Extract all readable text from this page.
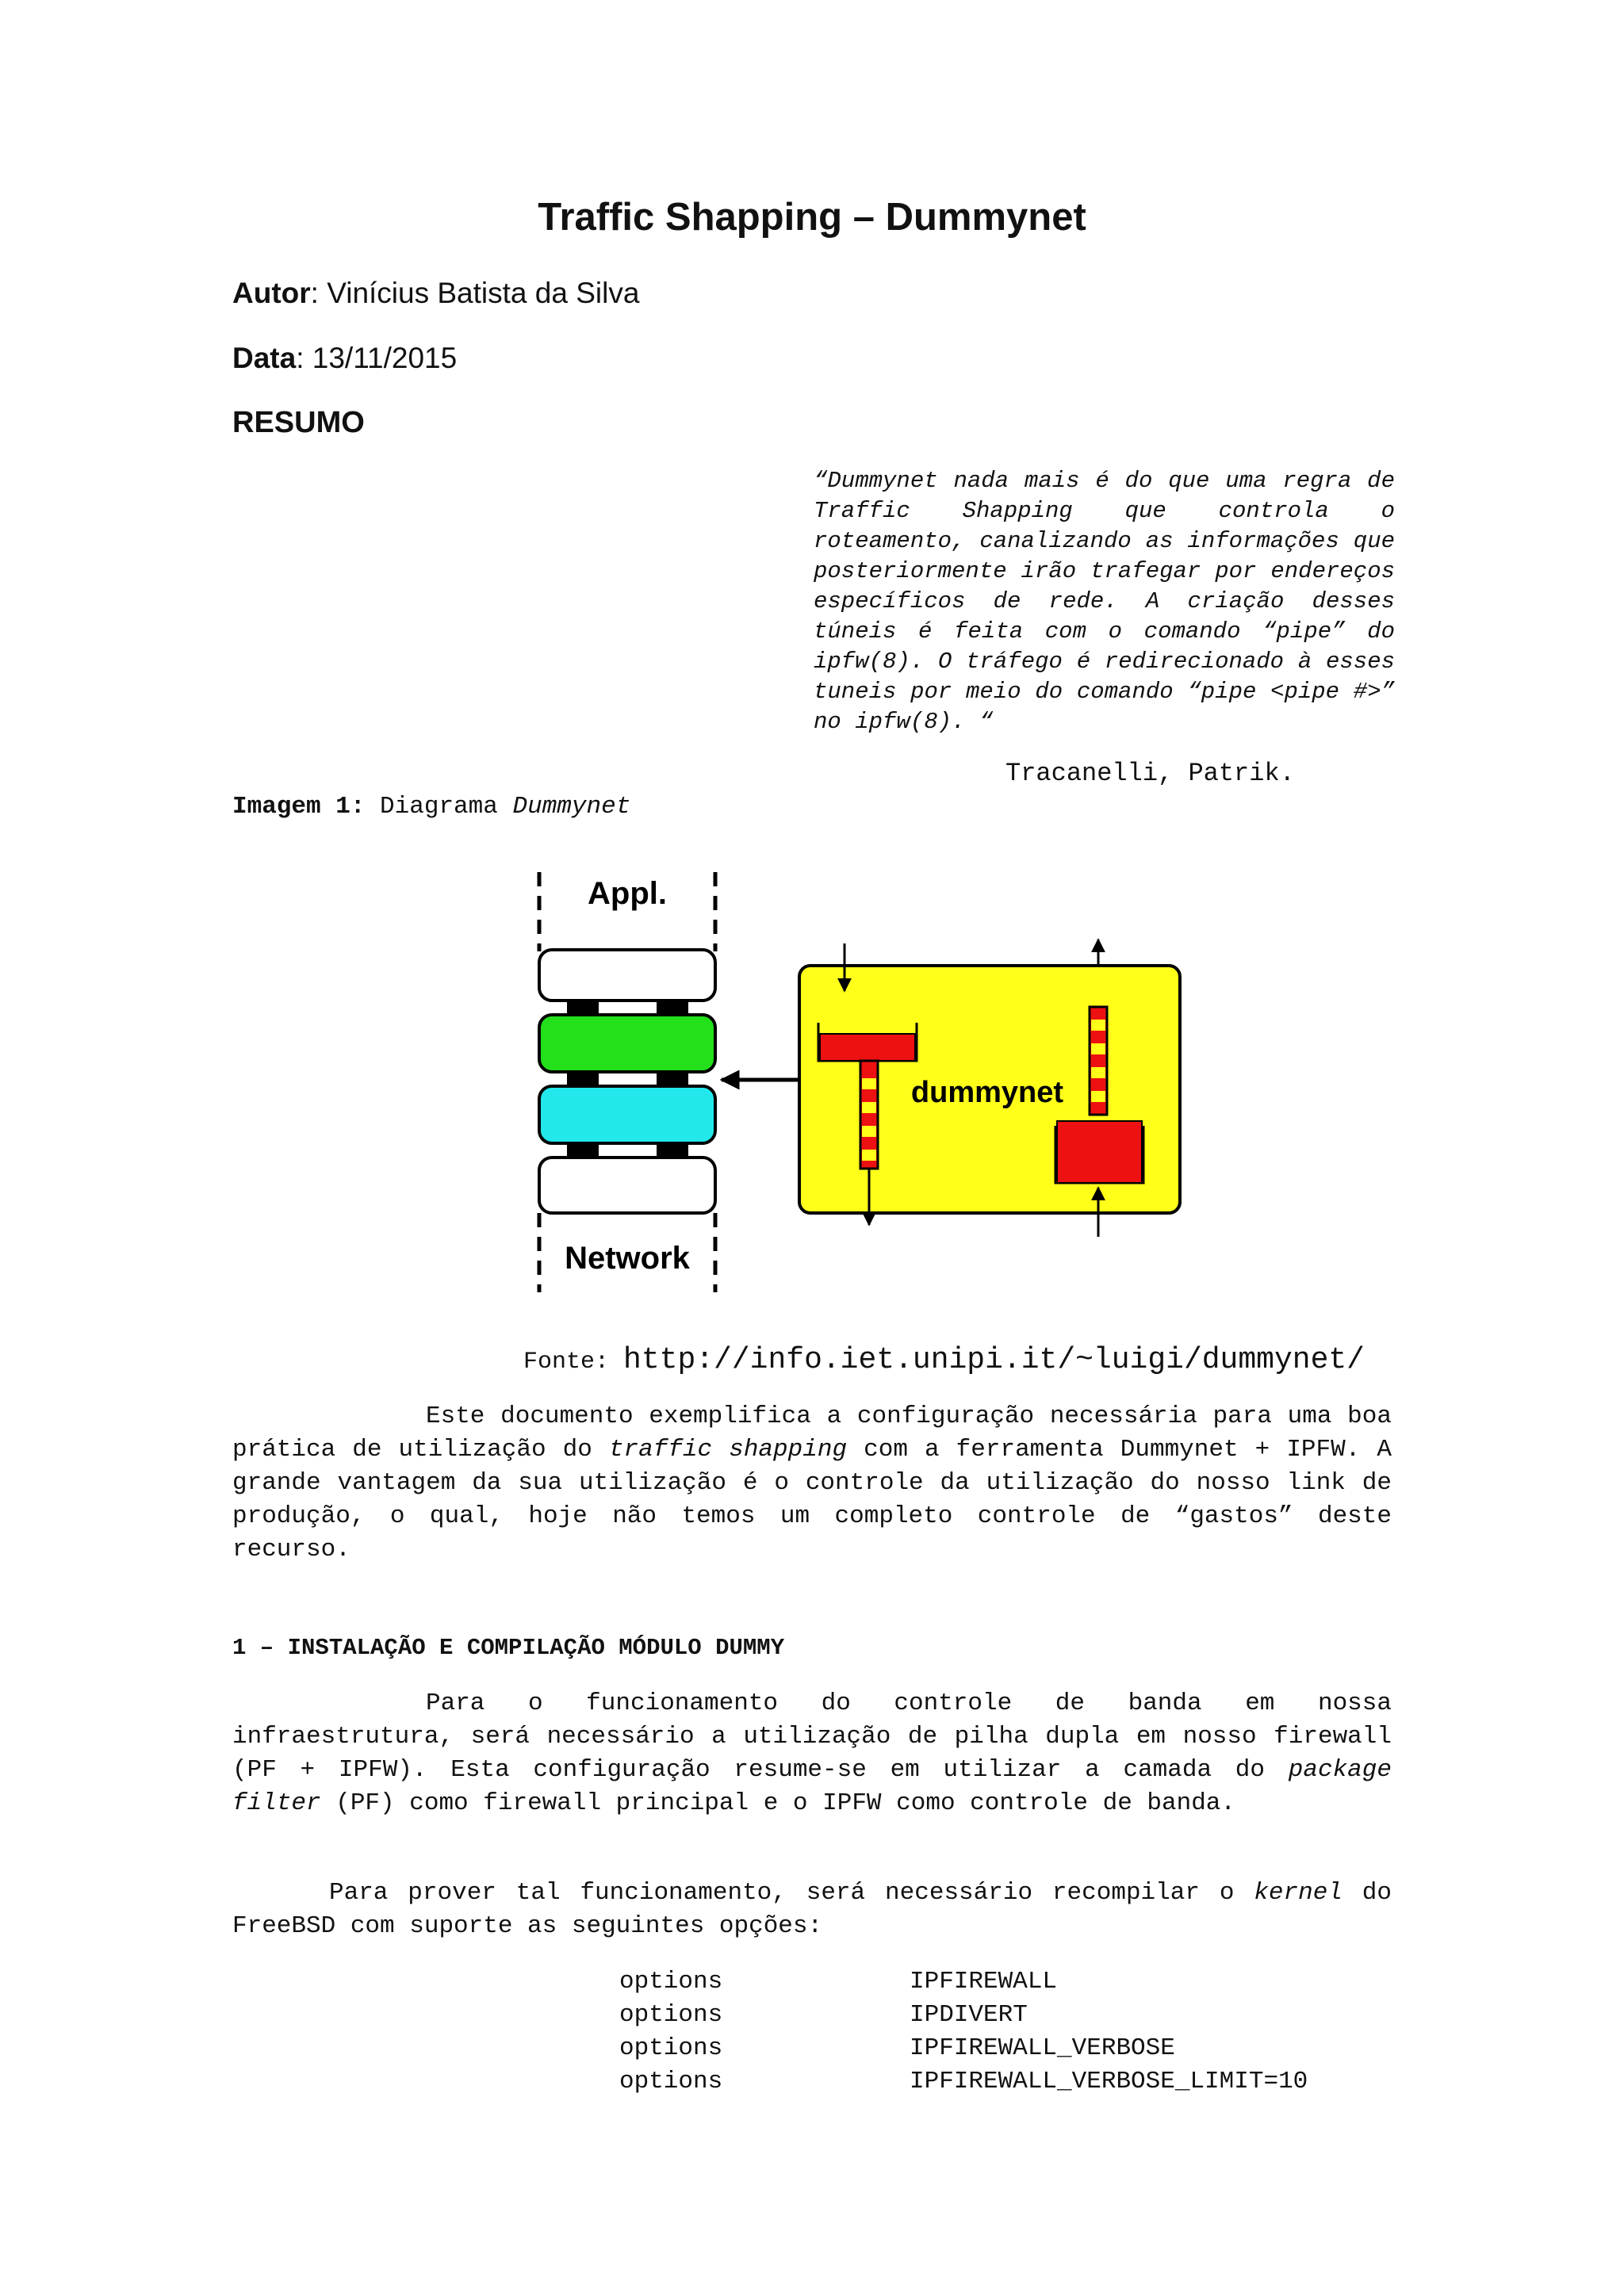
Traffic Shapping – Dummynet
Autor: Vinícius Batista da Silva
Data: 13/11/2015
RESUMO

“Dummynet nada mais é do que uma regra de Traffic Shapping que controla o roteamento, canalizando as informações que posteriormente irão trafegar por endereços específicos de rede. A criação desses túneis é feita com o comando “pipe” do ipfw(8). O tráfego é redirecionado à esses tuneis por meio do comando “pipe <pipe #>” no ipfw(8). “

Tracanelli, Patrik.
Imagem 1: Diagrama Dummynet
Appl.
Network
dummynet
Fonte: http://info.iet.unipi.it/~luigi/dummynet/

Este documento exemplifica a configuração necessária para uma boa prática de utilização do traffic shapping com a ferramenta Dummynet + IPFW. A grande vantagem da sua utilização é o controle da utilização do nosso link de produção, o qual, hoje não temos um completo controle de “gastos” deste recurso.

1 – INSTALAÇÃO E COMPILAÇÃO MÓDULO DUMMY

Para o funcionamento do controle de banda em nossa infraestrutura, será necessário a utilização de pilha dupla em nosso firewall (PF + IPFW). Esta configuração resume-se em utilizar a camada do package filter (PF) como firewall principal e o IPFW como controle de banda.

Para prover tal funcionamento, será necessário recompilar o kernel do FreeBSD com suporte as seguintes opções:

options	IPFIREWALL
options	IPDIVERT
options	IPFIREWALL_VERBOSE
options	IPFIREWALL_VERBOSE_LIMIT=10
